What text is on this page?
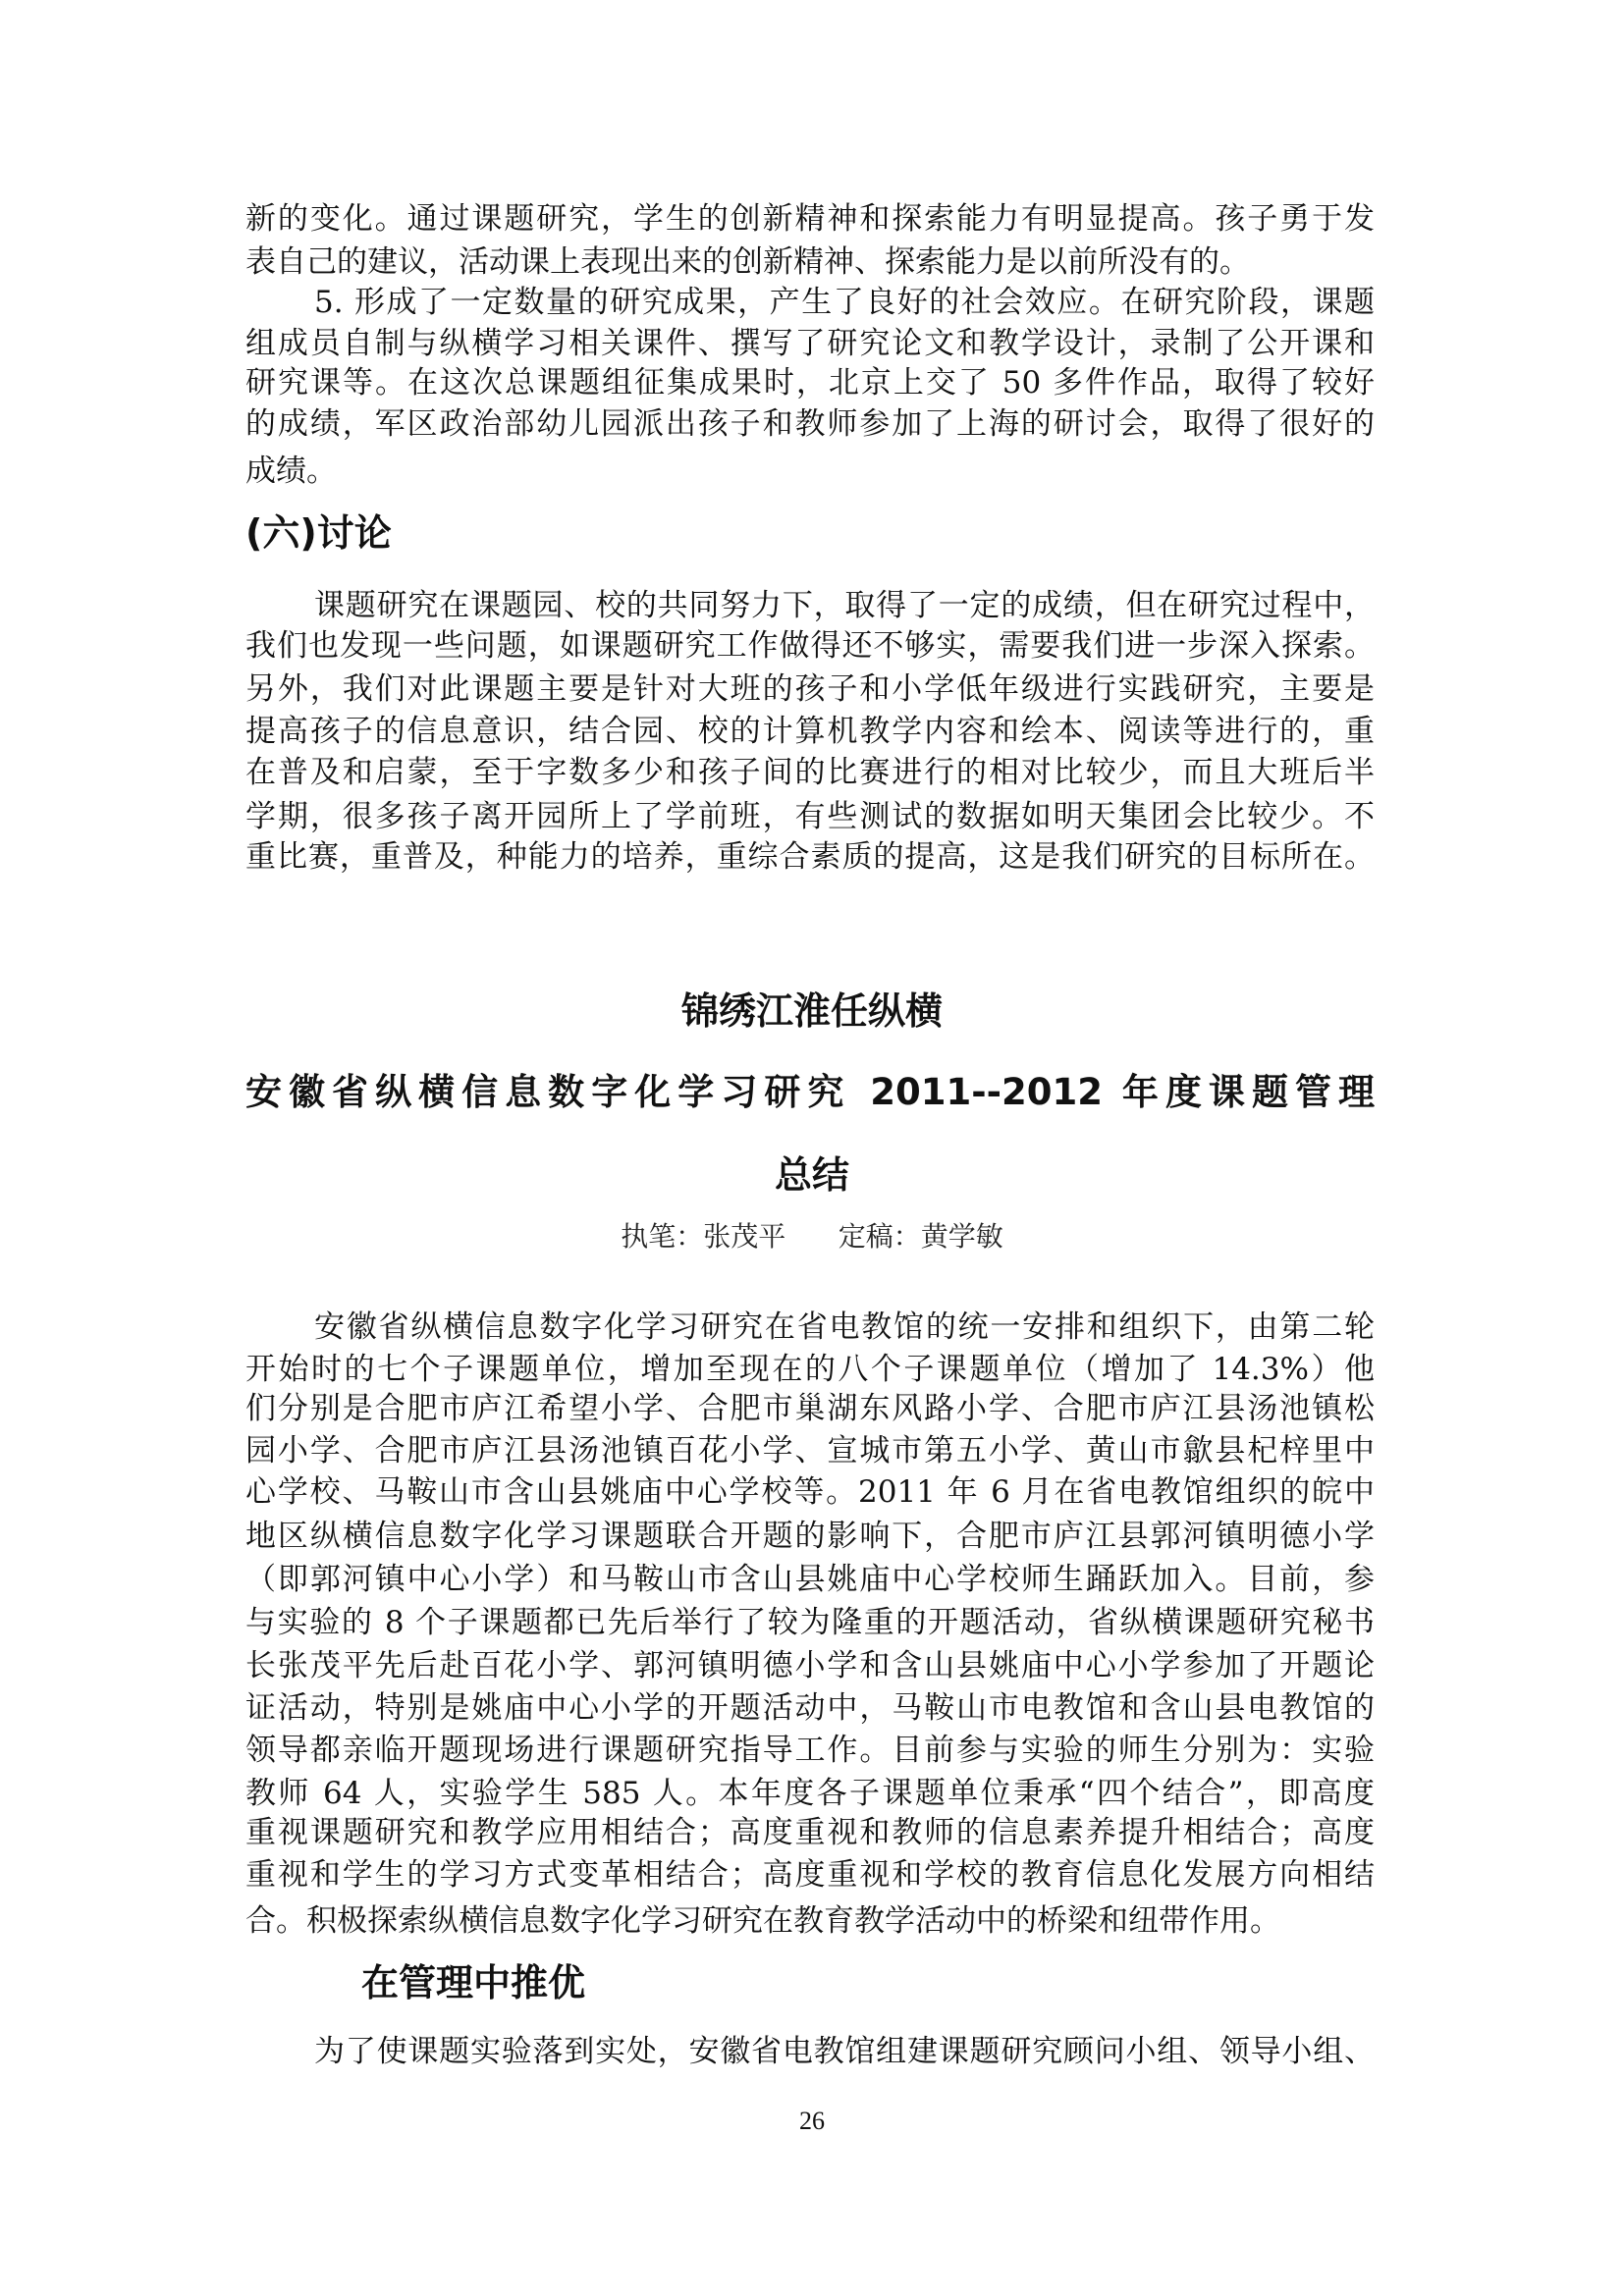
新的变化。通过课题研究，学生的创新精神和探索能力有明显提高。孩子勇于发
表自己的建议，活动课上表现出来的创新精神、探索能力是以前所没有的。
5. 形成了一定数量的研究成果，产生了良好的社会效应。在研究阶段，课题
组成员自制与纵横学习相关课件、撰写了研究论文和教学设计，录制了公开课和
研究课等。在这次总课题组征集成果时，北京上交了 50 多件作品，取得了较好
的成绩，军区政治部幼儿园派出孩子和教师参加了上海的研讨会，取得了很好的
成绩。
(六)讨论
课题研究在课题园、校的共同努力下，取得了一定的成绩，但在研究过程中，
我们也发现一些问题，如课题研究工作做得还不够实，需要我们进一步深入探索。
另外，我们对此课题主要是针对大班的孩子和小学低年级进行实践研究，主要是
提高孩子的信息意识，结合园、校的计算机教学内容和绘本、阅读等进行的，重
在普及和启蒙，至于字数多少和孩子间的比赛进行的相对比较少，而且大班后半
学期，很多孩子离开园所上了学前班，有些测试的数据如明天集团会比较少。不
重比赛，重普及，种能力的培养，重综合素质的提高，这是我们研究的目标所在。
锦绣江淮任纵横
安徽省纵横信息数字化学习研究 2011--2012 年度课题管理
总结
执笔：张茂平      定稿：黄学敏
安徽省纵横信息数字化学习研究在省电教馆的统一安排和组织下，由第二轮
开始时的七个子课题单位，增加至现在的八个子课题单位（增加了 14.3%）他
们分别是合肥市庐江希望小学、合肥市巢湖东风路小学、合肥市庐江县汤池镇松
园小学、合肥市庐江县汤池镇百花小学、宣城市第五小学、黄山市歙县杞梓里中
心学校、马鞍山市含山县姚庙中心学校等。2011 年 6 月在省电教馆组织的皖中
地区纵横信息数字化学习课题联合开题的影响下，合肥市庐江县郭河镇明德小学
（即郭河镇中心小学）和马鞍山市含山县姚庙中心学校师生踊跃加入。目前，参
与实验的 8 个子课题都已先后举行了较为隆重的开题活动，省纵横课题研究秘书
长张茂平先后赴百花小学、郭河镇明德小学和含山县姚庙中心小学参加了开题论
证活动，特别是姚庙中心小学的开题活动中，马鞍山市电教馆和含山县电教馆的
领导都亲临开题现场进行课题研究指导工作。目前参与实验的师生分别为：实验
教师 64 人，实验学生 585 人。本年度各子课题单位秉承“四个结合”，即高度
重视课题研究和教学应用相结合；高度重视和教师的信息素养提升相结合；高度
重视和学生的学习方式变革相结合；高度重视和学校的教育信息化发展方向相结
合。积极探索纵横信息数字化学习研究在教育教学活动中的桥梁和纽带作用。
在管理中推优
为了使课题实验落到实处，安徽省电教馆组建课题研究顾问小组、领导小组、
26
